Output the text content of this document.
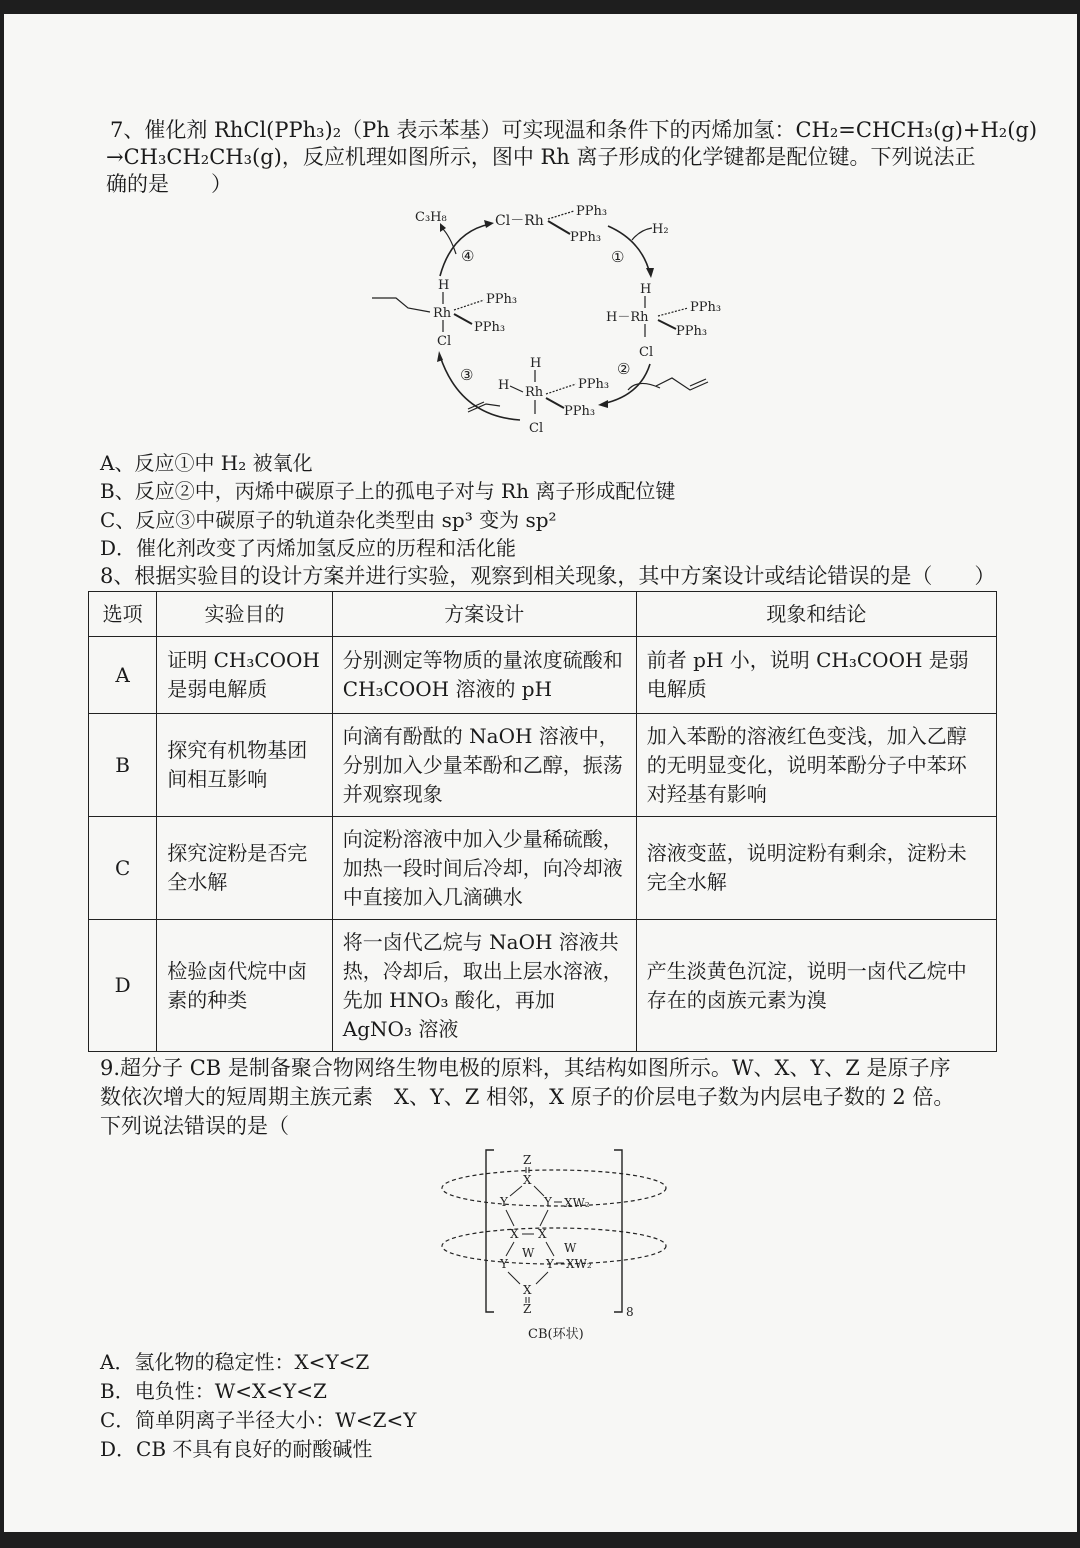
7、催化剂 RhCl(PPh₃)₂（Ph 表示苯基）可实现温和条件下的丙烯加氢：CH₂=CHCH₃(g)+H₂(g)
→CH₃CH₂CH₃(g)，反应机理如图所示，图中 Rh 离子形成的化学键都是配位键。下列说法正
确的是　　）
Cl－Rh
PPh₃
PPh₃
H
Rh
Cl
PPh₃
PPh₃
H
H－Rh
Cl
PPh₃
PPh₃
H
Rh
Cl
H	PPh₃
PPh₃
H₂
C₃H₈
①
②
③
④
A、反应①中 H₂ 被氧化
B、反应②中，丙烯中碳原子上的孤电子对与 Rh 离子形成配位键
C、反应③中碳原子的轨道杂化类型由 sp³ 变为 sp²
D．催化剂改变了丙烯加氢反应的历程和活化能
8、根据实验目的设计方案并进行实验，观察到相关现象，其中方案设计或结论错误的是（　　）
选项	实验目的	方案设计	现象和结论
A	证明 CH₃COOH 是弱电解质	分别测定等物质的量浓度硫酸和 CH₃COOH 溶液的 pH	前者 pH 小，说明 CH₃COOH 是弱电解质
B	探究有机物基团间相互影响	向滴有酚酞的 NaOH 溶液中，分别加入少量苯酚和乙醇，振荡并观察现象	加入苯酚的溶液红色变浅，加入乙醇的无明显变化，说明苯酚分子中苯环对羟基有影响
C	探究淀粉是否完全水解	向淀粉溶液中加入少量稀硫酸，加热一段时间后冷却，向冷却液中直接加入几滴碘水	溶液变蓝，说明淀粉有剩余，淀粉未完全水解
D	检验卤代烷中卤素的种类	将一卤代乙烷与 NaOH 溶液共热，冷却后，取出上层水溶液，先加 HNO₃ 酸化，再加 AgNO₃ 溶液	产生淡黄色沉淀，说明一卤代乙烷中存在的卤族元素为溴
9.超分子 CB 是制备聚合物网络生物电极的原料，其结构如图所示。W、X、Y、Z 是原子序
数依次增大的短周期主族元素　X、Y、Z 相邻，X 原子的价层电子数为内层电子数的 2 倍。
下列说法错误的是（
8
Z
X
Y	Y XW₂
X X
W W
Y	Y XW₂
X
Z
CB(环状)
A．氢化物的稳定性：X<Y<Z
B．电负性：W<X<Y<Z
C．简单阴离子半径大小：W<Z<Y
D．CB 不具有良好的耐酸碱性
